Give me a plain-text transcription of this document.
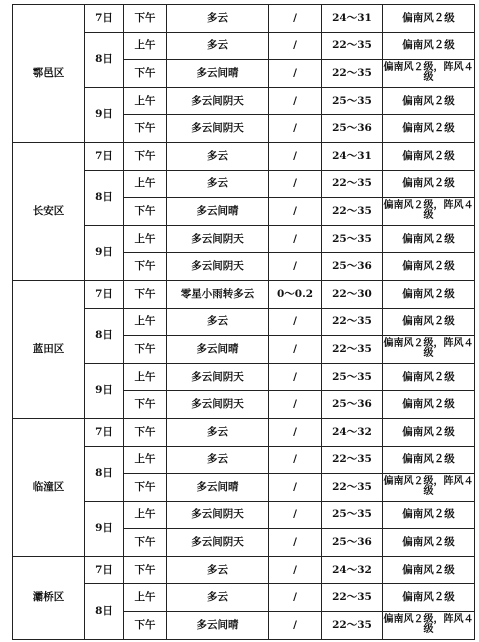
鄠邑区	7日	下午	多云	/	24～31	偏南风２级
	8日	上午	多云	/	22～35	偏南风２级
		下午	多云间晴	/	22～35	偏南风２级，阵风４级
	9日	上午	多云间阴天	/	25～35	偏南风２级
		下午	多云间阴天	/	25～36	偏南风２级
长安区	7日	下午	多云	/	24～31	偏南风２级
	8日	上午	多云	/	22～35	偏南风２级
		下午	多云间晴	/	22～35	偏南风２级，阵风４级
	9日	上午	多云间阴天	/	25～35	偏南风２级
		下午	多云间阴天	/	25～36	偏南风２级
蓝田区	7日	下午	零星小雨转多云	0～0.2	22～30	偏南风２级
	8日	上午	多云	/	22～35	偏南风２级
		下午	多云间晴	/	22～35	偏南风２级，阵风４级
	9日	上午	多云间阴天	/	25～35	偏南风２级
		下午	多云间阴天	/	25～36	偏南风２级
临潼区	7日	下午	多云	/	24～32	偏南风２级
	8日	上午	多云	/	22～35	偏南风２级
		下午	多云间晴	/	22～35	偏南风２级，阵风４级
	9日	上午	多云间阴天	/	25～35	偏南风２级
		下午	多云间阴天	/	25～36	偏南风２级
灞桥区	7日	下午	多云	/	24～32	偏南风２级
	8日	上午	多云	/	22～35	偏南风２级
		下午	多云间晴	/	22～35	偏南风２级，阵风４级
